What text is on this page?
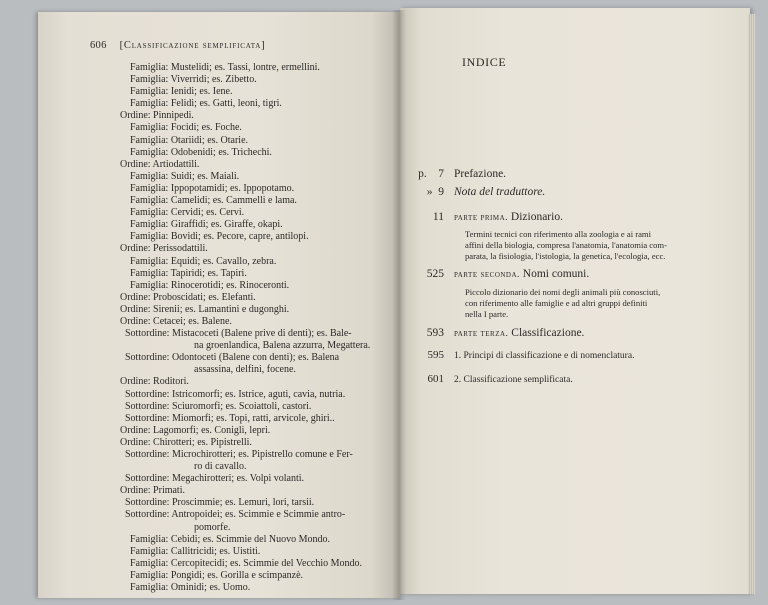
606 [Classificazione semplificata]
Famiglia: Mustelidi; es. Tassi, lontre, ermellini.
Famiglia: Viverridi; es. Zibetto.
Famiglia: Ienidi; es. Iene.
Famiglia: Felidi; es. Gatti, leoni, tigri.
Ordine: Pinnipedi.
Famiglia: Focidi; es. Foche.
Famiglia: Otariidi; es. Otarie.
Famiglia: Odobenidi; es. Trichechi.
Ordine: Artiodattili.
Famiglia: Suidi; es. Maiali.
Famiglia: Ippopotamidi; es. Ippopotamo.
Famiglia: Camelidi; es. Cammelli e lama.
Famiglia: Cervidi; es. Cervi.
Famiglia: Giraffidi; es. Giraffe, okapi.
Famiglia: Bovidi; es. Pecore, capre, antilopi.
Ordine: Perissodattili.
Famiglia: Equidi; es. Cavallo, zebra.
Famiglia: Tapiridi; es. Tapiri.
Famiglia: Rinocerotidi; es. Rinoceronti.
Ordine: Proboscidati; es. Elefanti.
Ordine: Sirenii; es. Lamantini e dugonghi.
Ordine: Cetacei; es. Balene.
Sottordine: Mistacoceti (Balene prive di denti); es. Bale-
na groenlandica, Balena azzurra, Megattera.
Sottordine: Odontoceti (Balene con denti); es. Balena
assassina, delfini, focene.
Ordine: Roditori.
Sottordine: Istricomorfi; es. Istrice, aguti, cavia, nutria.
Sottordine: Sciuromorfi; es. Scoiattoli, castori.
Sottordine: Miomorfi; es. Topi, ratti, arvicole, ghiri..
Ordine: Lagomorfi; es. Conigli, lepri.
Ordine: Chirotteri; es. Pipistrelli.
Sottordine: Microchirotteri; es. Pipistrello comune e Fer-
ro di cavallo.
Sottordine: Megachirotteri; es. Volpi volanti.
Ordine: Primati.
Sottordine: Proscimmie; es. Lemuri, lori, tarsii.
Sottordine: Antropoidei; es. Scimmie e Scimmie antro-
pomorfe.
Famiglia: Cebidi; es. Scimmie del Nuovo Mondo.
Famiglia: Callitricidi; es. Uistiti.
Famiglia: Cercopitecidi; es. Scimmie del Vecchio Mondo.
Famiglia: Pongidi; es. Gorilla e scimpanzè.
Famiglia: Ominidi; es. Uomo.
INDICE
p. 7 Prefazione.
» 9 Nota del traduttore.
11 parte prima. Dizionario.
Termini tecnici con riferimento alla zoologia e ai rami
affini della biologia, compresa l'anatomia, l'anatomia com-
parata, la fisiologia, l'istologia, la genetica, l'ecologia, ecc.
525 parte seconda. Nomi comuni.
Piccolo dizionario dei nomi degli animali più conosciuti,
con riferimento alle famiglie e ad altri gruppi definiti
nella I parte.
593 parte terza. Classificazione.
595 1. Principi di classificazione e di nomenclatura.
601 2. Classificazione semplificata.
